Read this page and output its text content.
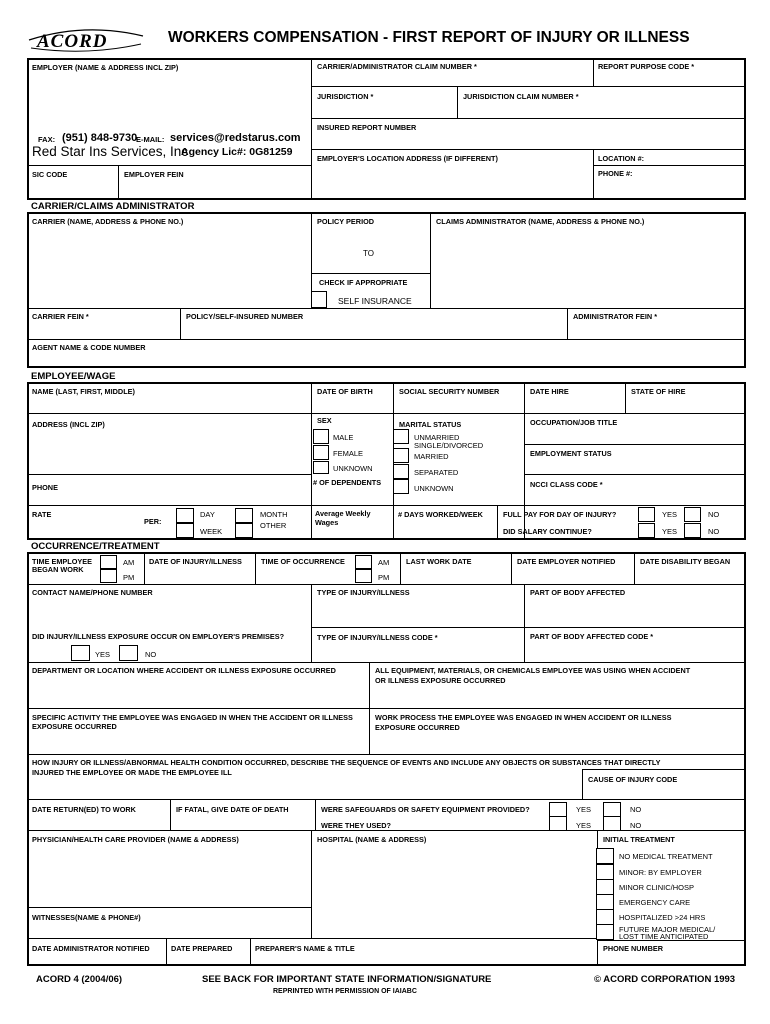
ACORD	WORKERS COMPENSATION - FIRST REPORT OF INJURY OR ILLNESS
EMPLOYER (NAME & ADDRESS INCL ZIP)	CARRIER/ADMINISTRATOR CLAIM NUMBER *	REPORT PURPOSE CODE *
JURISDICTION *	JURISDICTION CLAIM NUMBER *
INSURED REPORT NUMBER
FAX: (951) 848-9730
E-MAIL: services@redstarus.com
Red Star Ins Services, Inc
Agency Lic#: 0G81259
EMPLOYER'S LOCATION ADDRESS (IF DIFFERENT)	LOCATION #:
PHONE #:
SIC CODE	EMPLOYER FEIN
CARRIER/CLAIMS ADMINISTRATOR
CARRIER (NAME, ADDRESS & PHONE NO.)	POLICY PERIOD
TO
CLAIMS ADMINISTRATOR (NAME, ADDRESS & PHONE NO.)
CHECK IF APPROPRIATE
SELF INSURANCE
CARRIER FEIN *	POLICY/SELF-INSURED NUMBER	ADMINISTRATOR FEIN *
AGENT NAME & CODE NUMBER
EMPLOYEE/WAGE
NAME (LAST, FIRST, MIDDLE)	DATE OF BIRTH	SOCIAL SECURITY NUMBER	DATE HIRE	STATE OF HIRE
ADDRESS (INCL ZIP)	SEX
MALE
FEMALE
UNKNOWN
# OF DEPENDENTS
MARITAL STATUS
UNMARRIED
SINGLE/DIVORCED
MARRIED
SEPARATED
UNKNOWN
OCCUPATION/JOB TITLE
EMPLOYMENT STATUS
PHONE	NCCI CLASS CODE *
RATE
PER:
DAY
WEEK
MONTH
OTHER
Average Weekly
Wages
# DAYS WORKED/WEEK	FULL PAY FOR DAY OF INJURY?	YES	NO
DID SALARY CONTINUE?	YES	NO
OCCURRENCE/TREATMENT
TIME EMPLOYEE
BEGAN WORK
AM
PM
DATE OF INJURY/ILLNESS	TIME OF OCCURRENCE	AM
PM
LAST WORK DATE	DATE EMPLOYER NOTIFIED	DATE DISABILITY BEGAN
CONTACT NAME/PHONE NUMBER	TYPE OF INJURY/ILLNESS	PART OF BODY AFFECTED
DID INJURY/ILLNESS EXPOSURE OCCUR ON EMPLOYER'S PREMISES?	TYPE OF INJURY/ILLNESS CODE *	PART OF BODY AFFECTED CODE *
YES	NO
DEPARTMENT OR LOCATION WHERE ACCIDENT OR ILLNESS EXPOSURE OCCURRED	ALL EQUIPMENT, MATERIALS, OR CHEMICALS EMPLOYEE WAS USING WHEN ACCIDENT
OR ILLNESS EXPOSURE OCCURRED
SPECIFIC ACTIVITY THE EMPLOYEE WAS ENGAGED IN WHEN THE ACCIDENT OR ILLNESS
EXPOSURE OCCURRED
WORK PROCESS THE EMPLOYEE WAS ENGAGED IN WHEN ACCIDENT OR ILLNESS
EXPOSURE OCCURRED
HOW INJURY OR ILLNESS/ABNORMAL HEALTH CONDITION OCCURRED, DESCRIBE THE SEQUENCE OF EVENTS AND INCLUDE ANY OBJECTS OR SUBSTANCES THAT DIRECTLY
INJURED THE EMPLOYEE OR MADE THE EMPLOYEE ILL
CAUSE OF INJURY CODE
DATE RETURN(ED) TO WORK	IF FATAL, GIVE DATE OF DEATH	WERE SAFEGUARDS OR SAFETY EQUIPMENT PROVIDED?	YES	NO
WERE THEY USED?	YES	NO
PHYSICIAN/HEALTH CARE PROVIDER (NAME & ADDRESS)	HOSPITAL (NAME & ADDRESS)	INITIAL TREATMENT
NO MEDICAL TREATMENT
MINOR: BY EMPLOYER
MINOR CLINIC/HOSP
EMERGENCY CARE
HOSPITALIZED >24 HRS
FUTURE MAJOR MEDICAL/
LOST TIME ANTICIPATED
WITNESSES(NAME & PHONE#)
DATE ADMINISTRATOR NOTIFIED	DATE PREPARED	PREPARER'S NAME & TITLE	PHONE NUMBER
ACORD 4 (2004/06)	SEE BACK FOR IMPORTANT STATE INFORMATION/SIGNATURE	© ACORD CORPORATION 1993
REPRINTED WITH PERMISSION OF IAIABC
